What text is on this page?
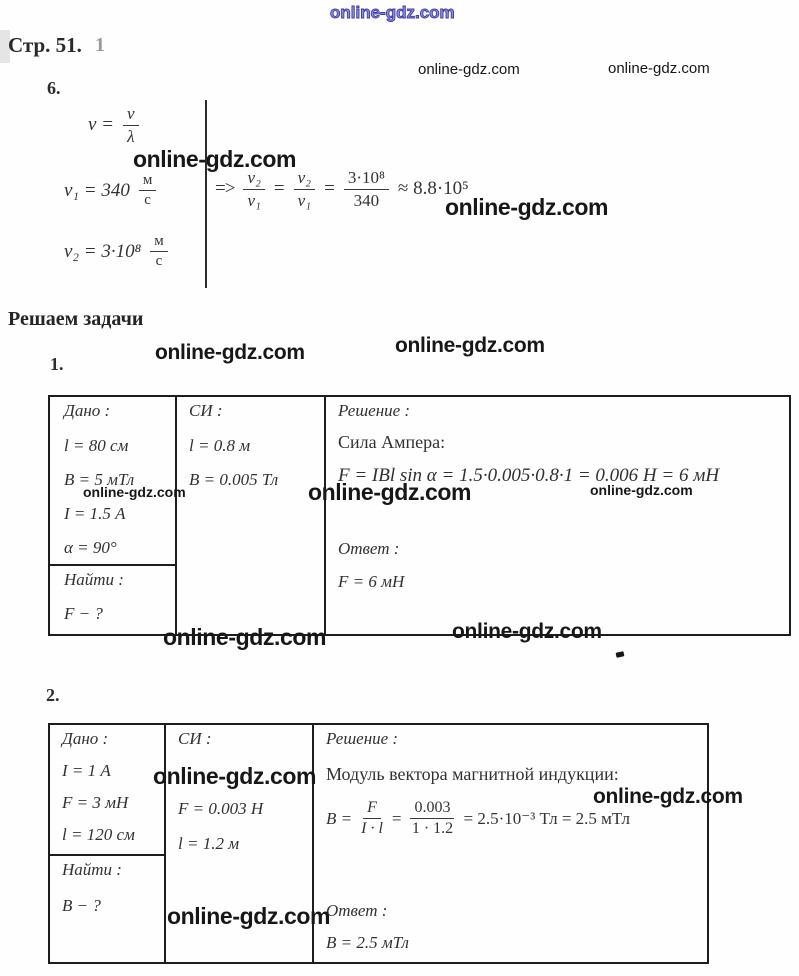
Стр. 51. 1
6.
$\nu = \frac{v}{\lambda}$
$v_1 = 340 \frac{м}{с}$
$v_2 = 3\cdot 10^8 \frac{м}{с}$
=> $\frac{\text{ν₂}}{\text{ν₁}} = \frac{\text{v₂}}{\text{v₁}} = \frac{\text{3·10⁸}}{340} \approx 8.8\cdot 10^5$
Решаем задачи
1.
Дано :
l = 80 см
B = 5 мТл
I = 1.5 А
α = 90°
Найти :
F − ?
СИ :
l = 0.8 м
B = 0.005 Тл
Решение :
Сила Ампера:
F = IBl sin α = 1.5·0.005·0.8·1 = 0.006 Н = 6 мН
Ответ :
F = 6 мН
2.
Дано :
I = 1 А
F = 3 мН
l = 120 см
Найти :
B − ?
СИ :
F = 0.003 Н
l = 1.2 м
Решение :
Модуль вектора магнитной индукции:
$B = \frac{F}{I \cdot l} = \frac{0.003}{1 \cdot 1.2} = 2.5\cdot 10^{-3}$ Тл = 2.5 мТл
Ответ :
B = 2.5 мТл
online-gdz.com
online-gdz.com	online-gdz.com
online-gdz.com
online-gdz.com
online-gdz.com	online-gdz.com
online-gdz.com	online-gdz.com	online-gdz.com
online-gdz.com	online-gdz.com
online-gdz.com
online-gdz.com
online-gdz.com
